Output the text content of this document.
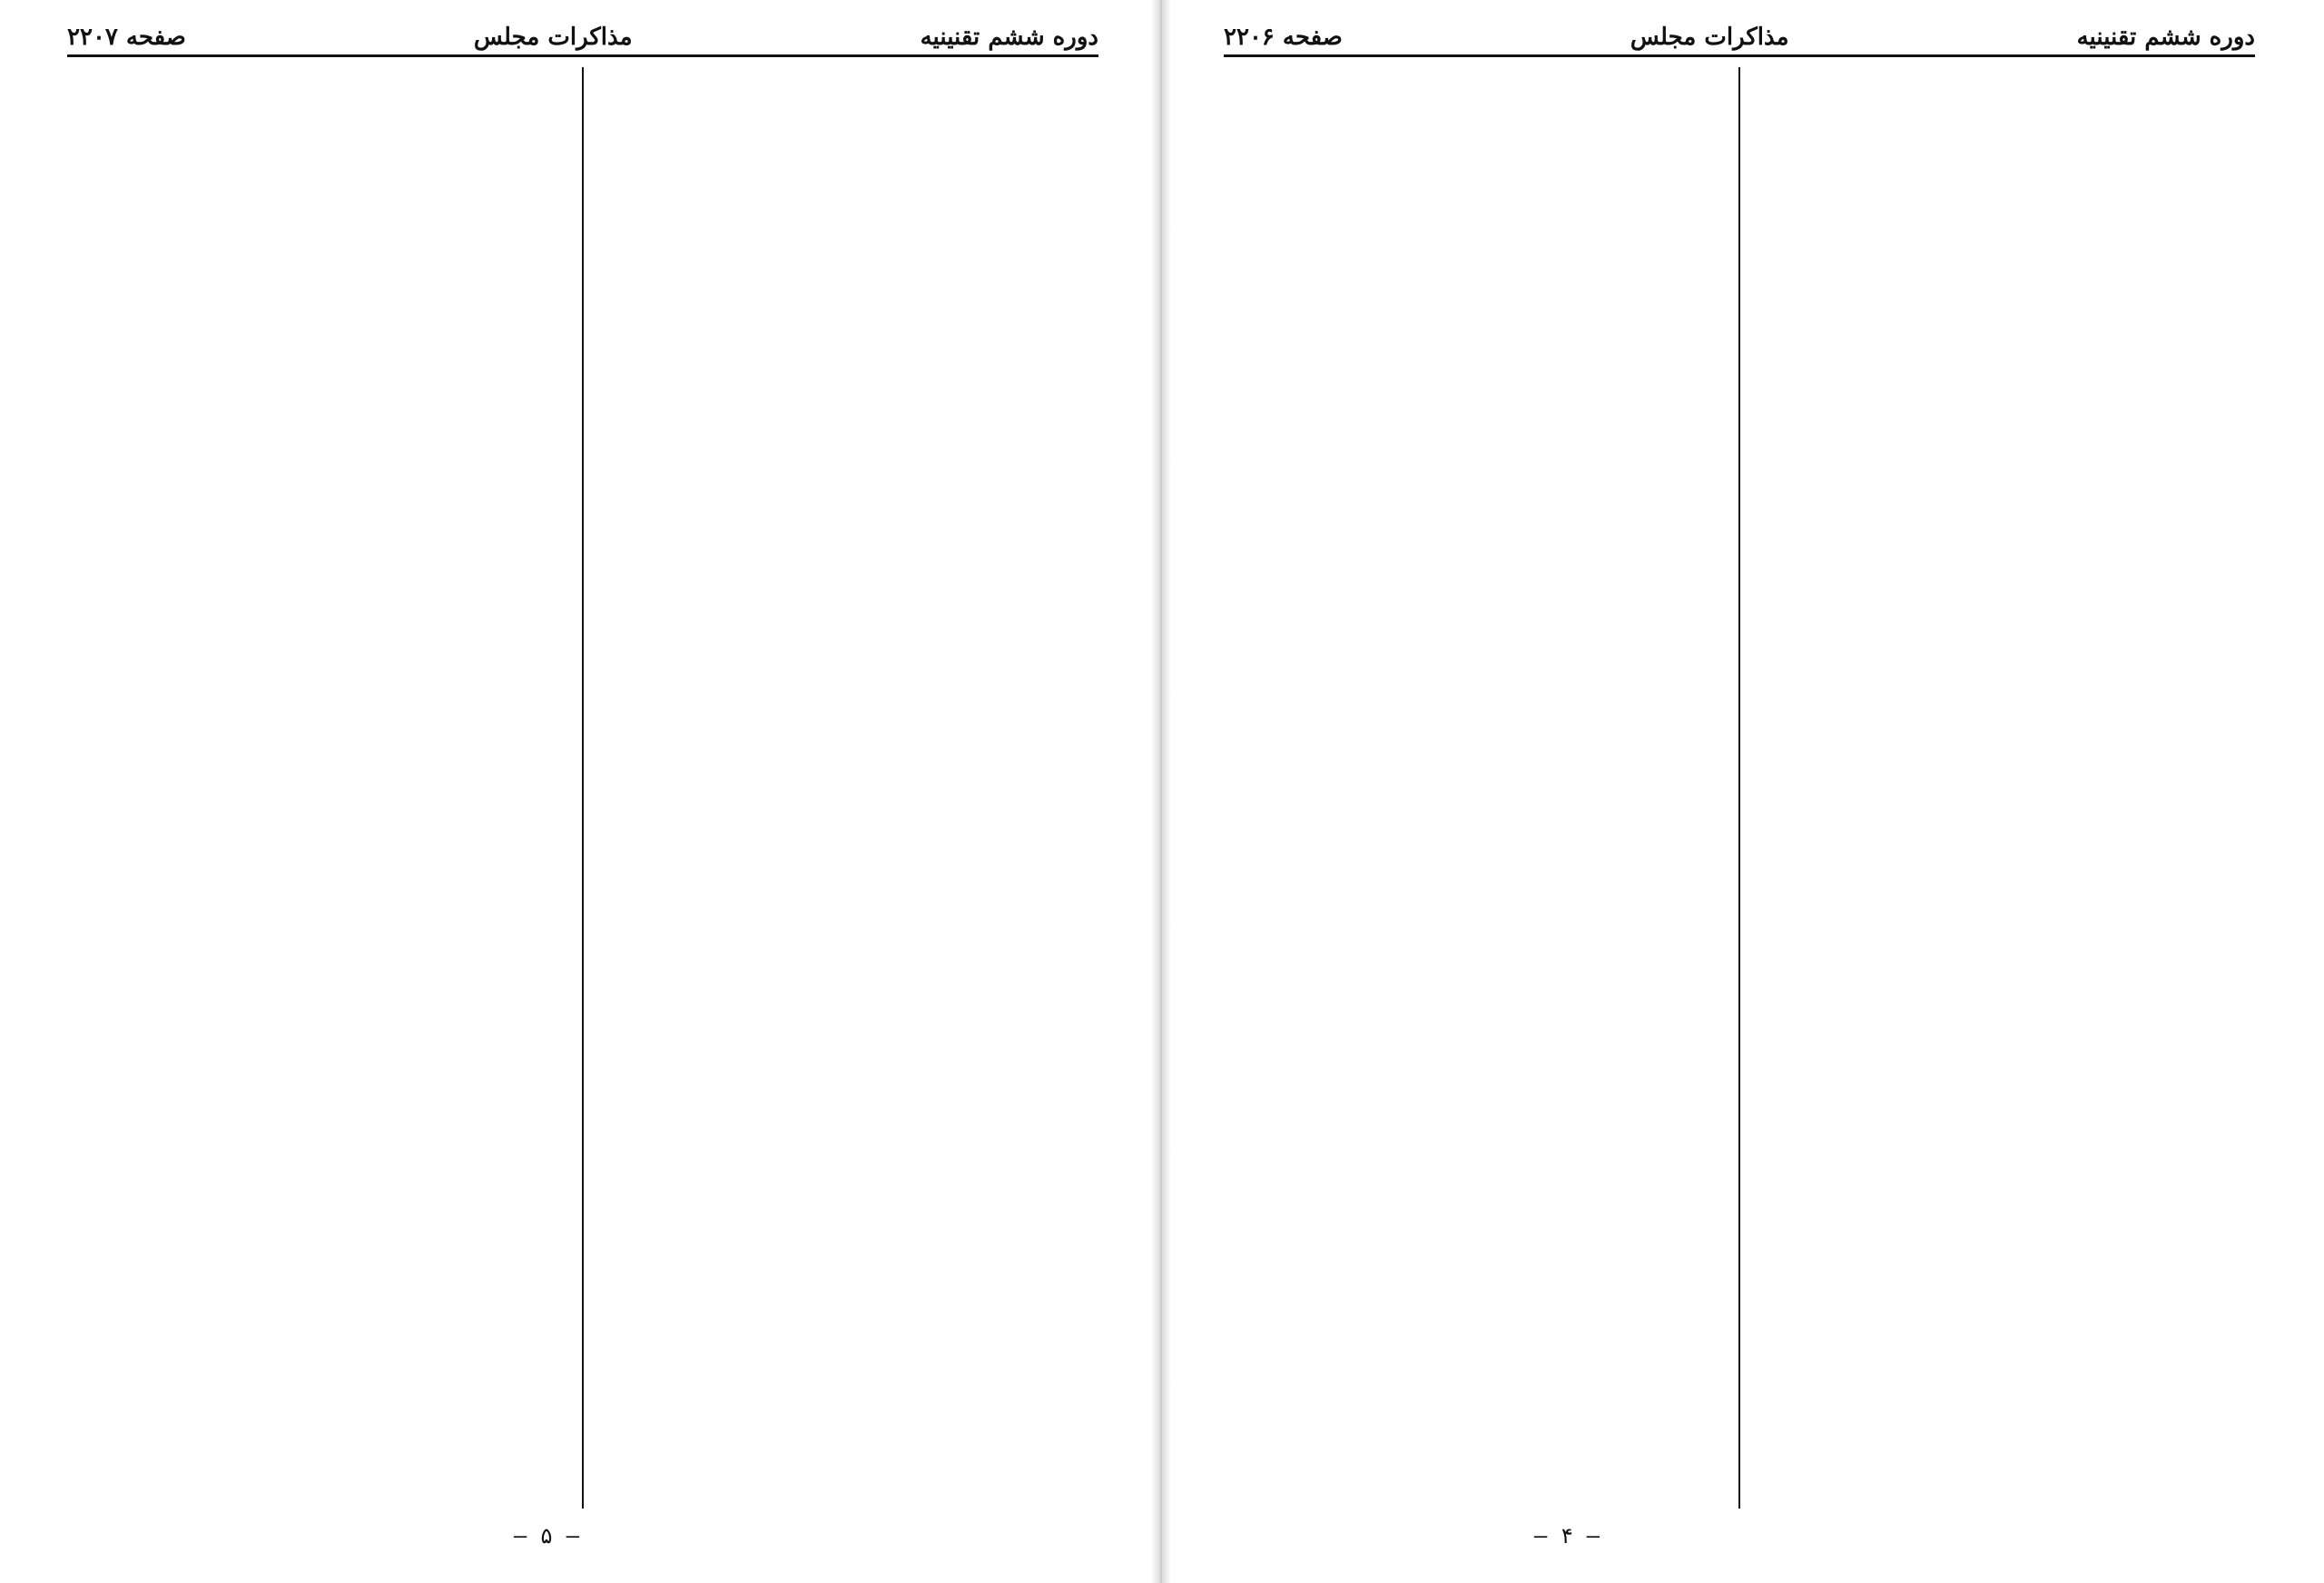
دوره ششم تقنینیه
مذاکرات مجلس
صفحه ۲۲۰۷
— ۵ —
دوره ششم تقنینیه
مذاکرات مجلس
صفحه ۲۲۰۶
— ۴ —
